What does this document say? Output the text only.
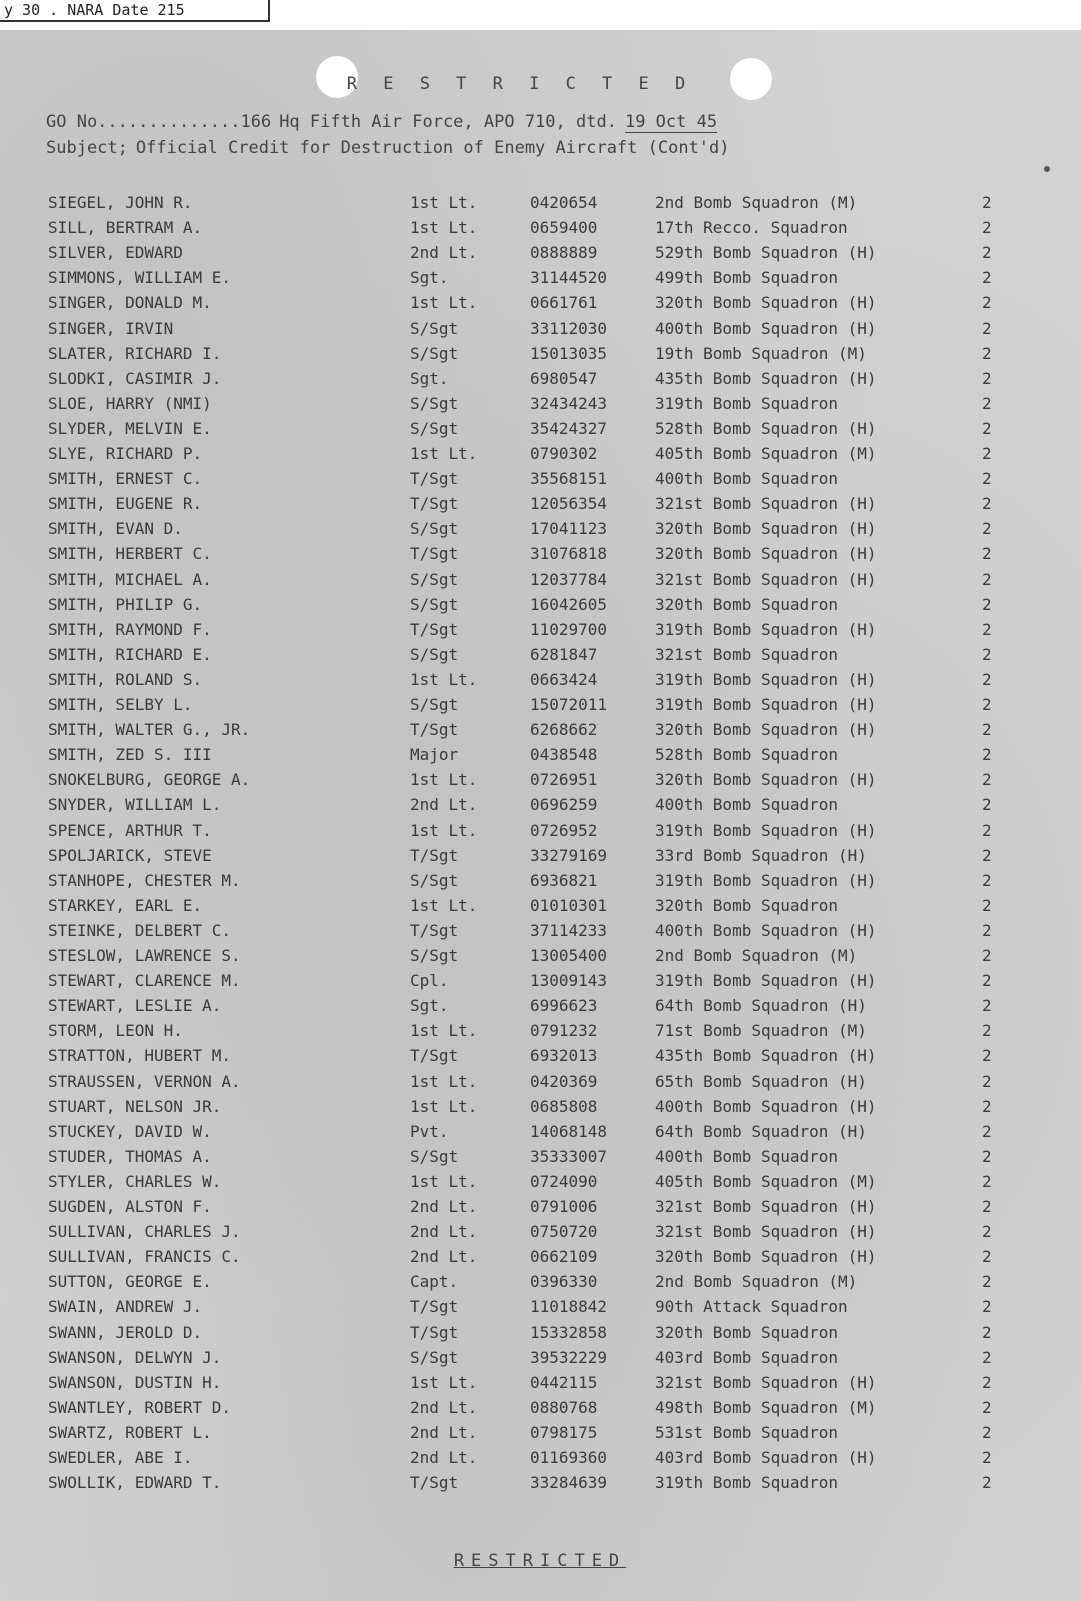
y 30 . NARA Date 215
R E S T R I C T E D
GO No..............166 Hq Fifth Air Force, APO 710, dtd. 19 Oct 45
Subject; Official Credit for Destruction of Enemy Aircraft (Cont'd)
SIEGEL, JOHN R.	1st Lt.	0420654	2nd Bomb Squadron (M)	2
SILL, BERTRAM A.	1st Lt.	0659400	17th Recco. Squadron	2
SILVER, EDWARD	2nd Lt.	0888889	529th Bomb Squadron (H)	2
SIMMONS, WILLIAM E.	Sgt.	31144520	499th Bomb Squadron	2
SINGER, DONALD M.	1st Lt.	0661761	320th Bomb Squadron (H)	2
SINGER, IRVIN	S/Sgt	33112030	400th Bomb Squadron (H)	2
SLATER, RICHARD I.	S/Sgt	15013035	19th Bomb Squadron (M)	2
SLODKI, CASIMIR J.	Sgt.	6980547	435th Bomb Squadron (H)	2
SLOE, HARRY (NMI)	S/Sgt	32434243	319th Bomb Squadron	2
SLYDER, MELVIN E.	S/Sgt	35424327	528th Bomb Squadron (H)	2
SLYE, RICHARD P.	1st Lt.	0790302	405th Bomb Squadron (M)	2
SMITH, ERNEST C.	T/Sgt	35568151	400th Bomb Squadron	2
SMITH, EUGENE R.	T/Sgt	12056354	321st Bomb Squadron (H)	2
SMITH, EVAN D.	S/Sgt	17041123	320th Bomb Squadron (H)	2
SMITH, HERBERT C.	T/Sgt	31076818	320th Bomb Squadron (H)	2
SMITH, MICHAEL A.	S/Sgt	12037784	321st Bomb Squadron (H)	2
SMITH, PHILIP G.	S/Sgt	16042605	320th Bomb Squadron	2
SMITH, RAYMOND F.	T/Sgt	11029700	319th Bomb Squadron (H)	2
SMITH, RICHARD E.	S/Sgt	6281847	321st Bomb Squadron	2
SMITH, ROLAND S.	1st Lt.	0663424	319th Bomb Squadron (H)	2
SMITH, SELBY L.	S/Sgt	15072011	319th Bomb Squadron (H)	2
SMITH, WALTER G., JR.	T/Sgt	6268662	320th Bomb Squadron (H)	2
SMITH, ZED S. III	Major	0438548	528th Bomb Squadron	2
SNOKELBURG, GEORGE A.	1st Lt.	0726951	320th Bomb Squadron (H)	2
SNYDER, WILLIAM L.	2nd Lt.	0696259	400th Bomb Squadron	2
SPENCE, ARTHUR T.	1st Lt.	0726952	319th Bomb Squadron (H)	2
SPOLJARICK, STEVE	T/Sgt	33279169	33rd Bomb Squadron (H)	2
STANHOPE, CHESTER M.	S/Sgt	6936821	319th Bomb Squadron (H)	2
STARKEY, EARL E.	1st Lt.	01010301	320th Bomb Squadron	2
STEINKE, DELBERT C.	T/Sgt	37114233	400th Bomb Squadron (H)	2
STESLOW, LAWRENCE S.	S/Sgt	13005400	2nd Bomb Squadron (M)	2
STEWART, CLARENCE M.	Cpl.	13009143	319th Bomb Squadron (H)	2
STEWART, LESLIE A.	Sgt.	6996623	64th Bomb Squadron (H)	2
STORM, LEON H.	1st Lt.	0791232	71st Bomb Squadron (M)	2
STRATTON, HUBERT M.	T/Sgt	6932013	435th Bomb Squadron (H)	2
STRAUSSEN, VERNON A.	1st Lt.	0420369	65th Bomb Squadron (H)	2
STUART, NELSON JR.	1st Lt.	0685808	400th Bomb Squadron (H)	2
STUCKEY, DAVID W.	Pvt.	14068148	64th Bomb Squadron (H)	2
STUDER, THOMAS A.	S/Sgt	35333007	400th Bomb Squadron	2
STYLER, CHARLES W.	1st Lt.	0724090	405th Bomb Squadron (M)	2
SUGDEN, ALSTON F.	2nd Lt.	0791006	321st Bomb Squadron (H)	2
SULLIVAN, CHARLES J.	2nd Lt.	0750720	321st Bomb Squadron (H)	2
SULLIVAN, FRANCIS C.	2nd Lt.	0662109	320th Bomb Squadron (H)	2
SUTTON, GEORGE E.	Capt.	0396330	2nd Bomb Squadron (M)	2
SWAIN, ANDREW J.	T/Sgt	11018842	90th Attack Squadron	2
SWANN, JEROLD D.	T/Sgt	15332858	320th Bomb Squadron	2
SWANSON, DELWYN J.	S/Sgt	39532229	403rd Bomb Squadron	2
SWANSON, DUSTIN H.	1st Lt.	0442115	321st Bomb Squadron (H)	2
SWANTLEY, ROBERT D.	2nd Lt.	0880768	498th Bomb Squadron (M)	2
SWARTZ, ROBERT L.	2nd Lt.	0798175	531st Bomb Squadron	2
SWEDLER, ABE I.	2nd Lt.	01169360	403rd Bomb Squadron (H)	2
SWOLLIK, EDWARD T.	T/Sgt	33284639	319th Bomb Squadron	2
RESTRICTED
